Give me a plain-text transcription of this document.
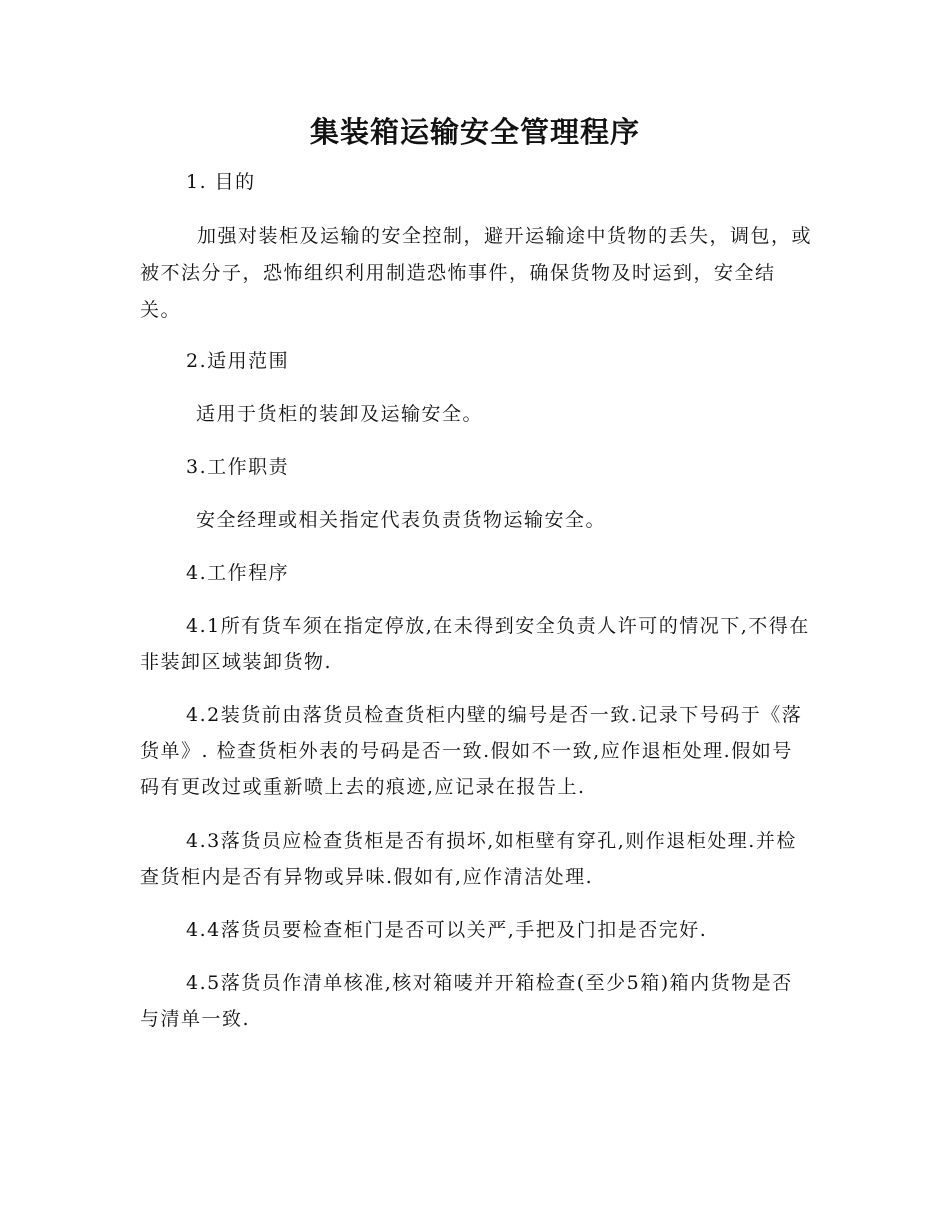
集装箱运输安全管理程序

1. 目的

加强对装柜及运输的安全控制，避开运输途中货物的丢失，调包，或被不法分子，恐怖组织利用制造恐怖事件，确保货物及时运到，安全结关。

2.适用范围

适用于货柜的装卸及运输安全。

3.工作职责

安全经理或相关指定代表负责货物运输安全。

4.工作程序

4.1所有货车须在指定停放,在未得到安全负责人许可的情况下,不得在非装卸区域装卸货物.

4.2装货前由落货员检查货柜内壁的编号是否一致.记录下号码于《落货单》. 检查货柜外表的号码是否一致.假如不一致,应作退柜处理.假如号码有更改过或重新喷上去的痕迹,应记录在报告上.

4.3落货员应检查货柜是否有损坏,如柜壁有穿孔,则作退柜处理.并检查货柜内是否有异物或异味.假如有,应作清洁处理.

4.4落货员要检查柜门是否可以关严,手把及门扣是否完好.

4.5落货员作清单核准,核对箱唛并开箱检查(至少5箱)箱内货物是否与清单一致.
